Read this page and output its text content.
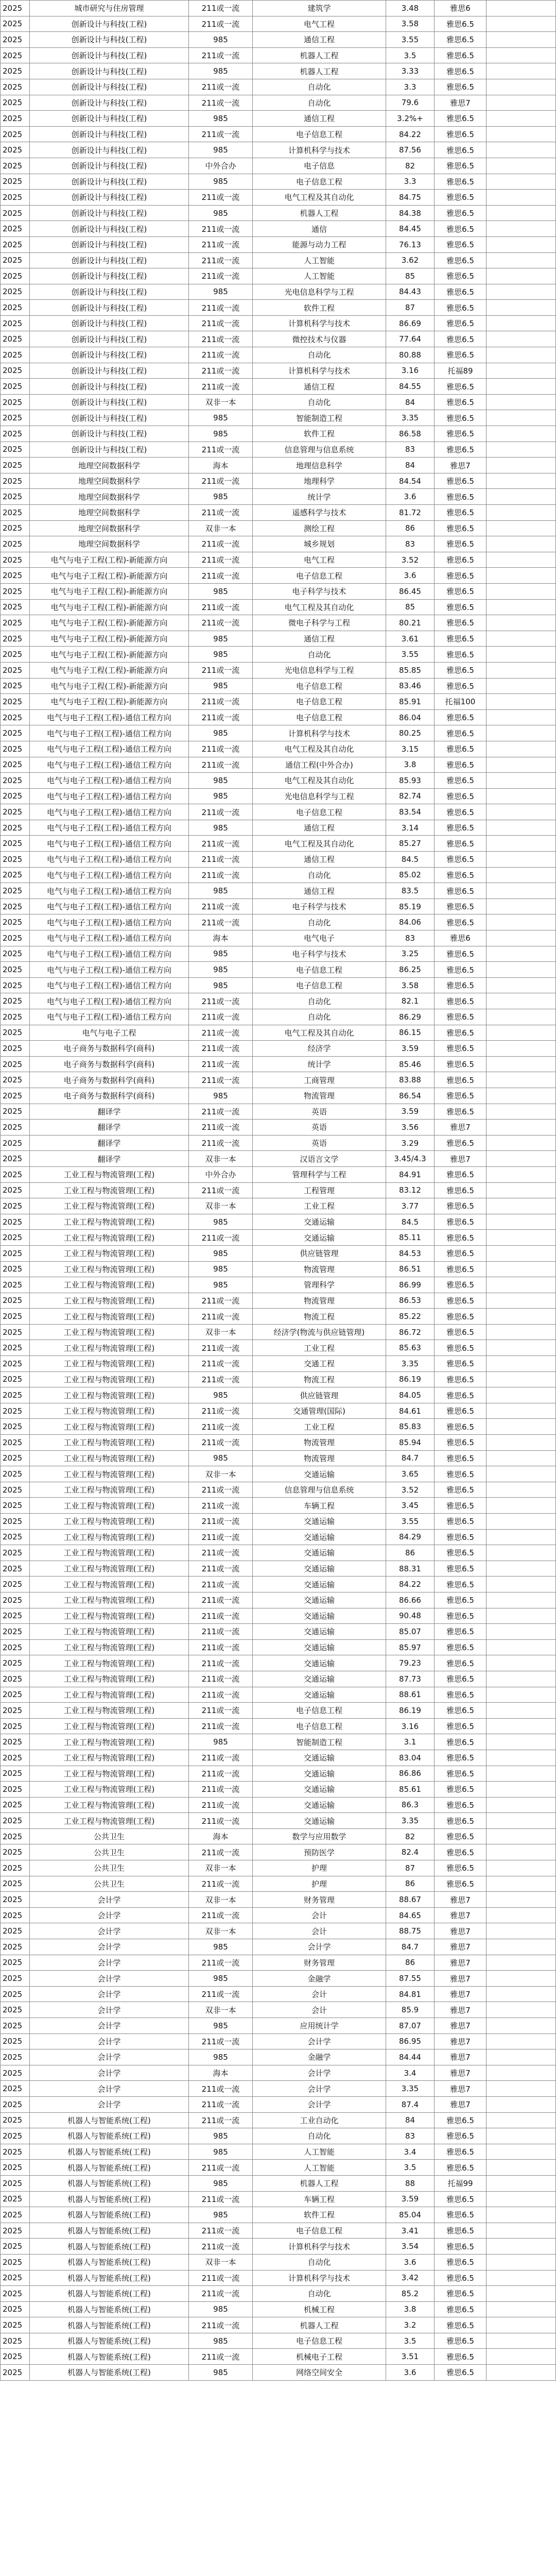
2025	城市研究与住房管理	211或一流	建筑学	3.48	雅思6	
2025	创新设计与科技(工程)	211或一流	电气工程	3.58	雅思6.5	
2025	创新设计与科技(工程)	985	通信工程	3.55	雅思6.5	
2025	创新设计与科技(工程)	211或一流	机器人工程	3.5	雅思6.5	
2025	创新设计与科技(工程)	985	机器人工程	3.33	雅思6.5	
2025	创新设计与科技(工程)	211或一流	自动化	3.3	雅思6.5	
2025	创新设计与科技(工程)	211或一流	自动化	79.6	雅思7	
2025	创新设计与科技(工程)	985	通信工程	3.2%+	雅思6.5	
2025	创新设计与科技(工程)	211或一流	电子信息工程	84.22	雅思6.5	
2025	创新设计与科技(工程)	985	计算机科学与技术	87.56	雅思6.5	
2025	创新设计与科技(工程)	中外合办	电子信息	82	雅思6.5	
2025	创新设计与科技(工程)	985	电子信息工程	3.3	雅思6.5	
2025	创新设计与科技(工程)	211或一流	电气工程及其自动化	84.75	雅思6.5	
2025	创新设计与科技(工程)	985	机器人工程	84.38	雅思6.5	
2025	创新设计与科技(工程)	211或一流	通信	84.45	雅思6.5	
2025	创新设计与科技(工程)	211或一流	能源与动力工程	76.13	雅思6.5	
2025	创新设计与科技(工程)	211或一流	人工智能	3.62	雅思6.5	
2025	创新设计与科技(工程)	211或一流	人工智能	85	雅思6.5	
2025	创新设计与科技(工程)	985	光电信息科学与工程	84.43	雅思6.5	
2025	创新设计与科技(工程)	211或一流	软件工程	87	雅思6.5	
2025	创新设计与科技(工程)	211或一流	计算机科学与技术	86.69	雅思6.5	
2025	创新设计与科技(工程)	211或一流	微控技术与仪器	77.64	雅思6.5	
2025	创新设计与科技(工程)	211或一流	自动化	80.88	雅思6.5	
2025	创新设计与科技(工程)	211或一流	计算机科学与技术	3.16	托福89	
2025	创新设计与科技(工程)	211或一流	通信工程	84.55	雅思6.5	
2025	创新设计与科技(工程)	双非一本	自动化	84	雅思6.5	
2025	创新设计与科技(工程)	985	智能制造工程	3.35	雅思6.5	
2025	创新设计与科技(工程)	985	软件工程	86.58	雅思6.5	
2025	创新设计与科技(工程)	211或一流	信息管理与信息系统	83	雅思6.5	
2025	地理空间数据科学	海本	地理信息科学	84	雅思7	
2025	地理空间数据科学	211或一流	地理科学	84.54	雅思6.5	
2025	地理空间数据科学	985	统计学	3.6	雅思6.5	
2025	地理空间数据科学	211或一流	遥感科学与技术	81.72	雅思6.5	
2025	地理空间数据科学	双非一本	测绘工程	86	雅思6.5	
2025	地理空间数据科学	211或一流	城乡规划	83	雅思6.5	
2025	电气与电子工程(工程)-新能源方向	211或一流	电气工程	3.52	雅思6.5	
2025	电气与电子工程(工程)-新能源方向	211或一流	电子信息工程	3.6	雅思6.5	
2025	电气与电子工程(工程)-新能源方向	985	电子科学与技术	86.45	雅思6.5	
2025	电气与电子工程(工程)-新能源方向	211或一流	电气工程及其自动化	85	雅思6.5	
2025	电气与电子工程(工程)-新能源方向	211或一流	微电子科学与工程	80.21	雅思6.5	
2025	电气与电子工程(工程)-新能源方向	985	通信工程	3.61	雅思6.5	
2025	电气与电子工程(工程)-新能源方向	985	自动化	3.55	雅思6.5	
2025	电气与电子工程(工程)-新能源方向	211或一流	光电信息科学与工程	85.85	雅思6.5	
2025	电气与电子工程(工程)-新能源方向	985	电子信息工程	83.46	雅思6.5	
2025	电气与电子工程(工程)-新能源方向	211或一流	电子信息工程	85.91	托福100	
2025	电气与电子工程(工程)-通信工程方向	211或一流	电子信息工程	86.04	雅思6.5	
2025	电气与电子工程(工程)-通信工程方向	985	计算机科学与技术	80.25	雅思6.5	
2025	电气与电子工程(工程)-通信工程方向	211或一流	电气工程及其自动化	3.15	雅思6.5	
2025	电气与电子工程(工程)-通信工程方向	211或一流	通信工程(中外合办)	3.8	雅思6.5	
2025	电气与电子工程(工程)-通信工程方向	985	电气工程及其自动化	85.93	雅思6.5	
2025	电气与电子工程(工程)-通信工程方向	985	光电信息科学与工程	82.74	雅思6.5	
2025	电气与电子工程(工程)-通信工程方向	211或一流	电子信息工程	83.54	雅思6.5	
2025	电气与电子工程(工程)-通信工程方向	985	通信工程	3.14	雅思6.5	
2025	电气与电子工程(工程)-通信工程方向	211或一流	电气工程及其自动化	85.27	雅思6.5	
2025	电气与电子工程(工程)-通信工程方向	211或一流	通信工程	84.5	雅思6.5	
2025	电气与电子工程(工程)-通信工程方向	211或一流	自动化	85.02	雅思6.5	
2025	电气与电子工程(工程)-通信工程方向	985	通信工程	83.5	雅思6.5	
2025	电气与电子工程(工程)-通信工程方向	211或一流	电子科学与技术	85.19	雅思6.5	
2025	电气与电子工程(工程)-通信工程方向	211或一流	自动化	84.06	雅思6.5	
2025	电气与电子工程(工程)-通信工程方向	海本	电气电子	83	雅思6	
2025	电气与电子工程(工程)-通信工程方向	985	电子科学与技术	3.25	雅思6.5	
2025	电气与电子工程(工程)-通信工程方向	985	电子信息工程	86.25	雅思6.5	
2025	电气与电子工程(工程)-通信工程方向	985	电子信息工程	3.58	雅思6.5	
2025	电气与电子工程(工程)-通信工程方向	211或一流	自动化	82.1	雅思6.5	
2025	电气与电子工程(工程)-通信工程方向	211或一流	自动化	86.29	雅思6.5	
2025	电气与电子工程	211或一流	电气工程及其自动化	86.15	雅思6.5	
2025	电子商务与数据科学(商科)	211或一流	经济学	3.59	雅思6.5	
2025	电子商务与数据科学(商科)	211或一流	统计学	85.46	雅思6.5	
2025	电子商务与数据科学(商科)	211或一流	工商管理	83.88	雅思6.5	
2025	电子商务与数据科学(商科)	985	物流管理	86.54	雅思6.5	
2025	翻译学	211或一流	英语	3.59	雅思6.5	
2025	翻译学	211或一流	英语	3.56	雅思7	
2025	翻译学	211或一流	英语	3.29	雅思6.5	
2025	翻译学	双非一本	汉语言文学	3.45/4.3	雅思7	
2025	工业工程与物流管理(工程)	中外合办	管理科学与工程	84.91	雅思6.5	
2025	工业工程与物流管理(工程)	211或一流	工程管理	83.12	雅思6.5	
2025	工业工程与物流管理(工程)	双非一本	工业工程	3.77	雅思6.5	
2025	工业工程与物流管理(工程)	985	交通运输	84.5	雅思6.5	
2025	工业工程与物流管理(工程)	211或一流	交通运输	85.11	雅思6.5	
2025	工业工程与物流管理(工程)	985	供应链管理	84.53	雅思6.5	
2025	工业工程与物流管理(工程)	985	物流管理	86.51	雅思6.5	
2025	工业工程与物流管理(工程)	985	管理科学	86.99	雅思6.5	
2025	工业工程与物流管理(工程)	211或一流	物流管理	86.53	雅思6.5	
2025	工业工程与物流管理(工程)	211或一流	物流工程	85.22	雅思6.5	
2025	工业工程与物流管理(工程)	双非一本	经济学(物流与供应链管理)	86.72	雅思6.5	
2025	工业工程与物流管理(工程)	211或一流	工业工程	85.63	雅思6.5	
2025	工业工程与物流管理(工程)	211或一流	交通工程	3.35	雅思6.5	
2025	工业工程与物流管理(工程)	211或一流	物流工程	86.19	雅思6.5	
2025	工业工程与物流管理(工程)	985	供应链管理	84.05	雅思6.5	
2025	工业工程与物流管理(工程)	211或一流	交通管理(国际)	84.61	雅思6.5	
2025	工业工程与物流管理(工程)	211或一流	工业工程	85.83	雅思6.5	
2025	工业工程与物流管理(工程)	211或一流	物流管理	85.94	雅思6.5	
2025	工业工程与物流管理(工程)	985	物流管理	84.7	雅思6.5	
2025	工业工程与物流管理(工程)	双非一本	交通运输	3.65	雅思6.5	
2025	工业工程与物流管理(工程)	211或一流	信息管理与信息系统	3.52	雅思6.5	
2025	工业工程与物流管理(工程)	211或一流	车辆工程	3.45	雅思6.5	
2025	工业工程与物流管理(工程)	211或一流	交通运输	3.55	雅思6.5	
2025	工业工程与物流管理(工程)	211或一流	交通运输	84.29	雅思6.5	
2025	工业工程与物流管理(工程)	211或一流	交通运输	86	雅思6.5	
2025	工业工程与物流管理(工程)	211或一流	交通运输	88.31	雅思6.5	
2025	工业工程与物流管理(工程)	211或一流	交通运输	84.22	雅思6.5	
2025	工业工程与物流管理(工程)	211或一流	交通运输	86.66	雅思6.5	
2025	工业工程与物流管理(工程)	211或一流	交通运输	90.48	雅思6.5	
2025	工业工程与物流管理(工程)	211或一流	交通运输	85.07	雅思6.5	
2025	工业工程与物流管理(工程)	211或一流	交通运输	85.97	雅思6.5	
2025	工业工程与物流管理(工程)	211或一流	交通运输	79.23	雅思6.5	
2025	工业工程与物流管理(工程)	211或一流	交通运输	87.73	雅思6.5	
2025	工业工程与物流管理(工程)	211或一流	交通运输	88.61	雅思6.5	
2025	工业工程与物流管理(工程)	211或一流	电子信息工程	86.19	雅思6.5	
2025	工业工程与物流管理(工程)	211或一流	电子信息工程	3.16	雅思6.5	
2025	工业工程与物流管理(工程)	985	智能制造工程	3.1	雅思6.5	
2025	工业工程与物流管理(工程)	211或一流	交通运输	83.04	雅思6.5	
2025	工业工程与物流管理(工程)	211或一流	交通运输	86.86	雅思6.5	
2025	工业工程与物流管理(工程)	211或一流	交通运输	85.61	雅思6.5	
2025	工业工程与物流管理(工程)	211或一流	交通运输	86.3	雅思6.5	
2025	工业工程与物流管理(工程)	211或一流	交通运输	3.35	雅思6.5	
2025	公共卫生	海本	数学与应用数学	82	雅思6.5	
2025	公共卫生	211或一流	预防医学	82.4	雅思6.5	
2025	公共卫生	双非一本	护理	87	雅思6.5	
2025	公共卫生	211或一流	护理	86	雅思6.5	
2025	会计学	双非一本	财务管理	88.67	雅思7	
2025	会计学	211或一流	会计	84.65	雅思7	
2025	会计学	双非一本	会计	88.75	雅思7	
2025	会计学	985	会计学	84.7	雅思7	
2025	会计学	211或一流	财务管理	86	雅思7	
2025	会计学	985	金融学	87.55	雅思7	
2025	会计学	211或一流	会计	84.81	雅思7	
2025	会计学	双非一本	会计	85.9	雅思7	
2025	会计学	985	应用统计学	87.07	雅思7	
2025	会计学	211或一流	会计学	86.95	雅思7	
2025	会计学	985	金融学	84.44	雅思7	
2025	会计学	海本	会计学	3.4	雅思7	
2025	会计学	211或一流	会计学	3.35	雅思7	
2025	会计学	211或一流	会计学	87.4	雅思7	
2025	机器人与智能系统(工程)	211或一流	工业自动化	84	雅思6.5	
2025	机器人与智能系统(工程)	985	自动化	83	雅思6.5	
2025	机器人与智能系统(工程)	985	人工智能	3.4	雅思6.5	
2025	机器人与智能系统(工程)	211或一流	人工智能	3.5	雅思6.5	
2025	机器人与智能系统(工程)	985	机器人工程	88	托福99	
2025	机器人与智能系统(工程)	211或一流	车辆工程	3.59	雅思6.5	
2025	机器人与智能系统(工程)	985	软件工程	85.04	雅思6.5	
2025	机器人与智能系统(工程)	211或一流	电子信息工程	3.41	雅思6.5	
2025	机器人与智能系统(工程)	211或一流	计算机科学与技术	3.54	雅思6.5	
2025	机器人与智能系统(工程)	双非一本	自动化	3.6	雅思6.5	
2025	机器人与智能系统(工程)	211或一流	计算机科学与技术	3.42	雅思6.5	
2025	机器人与智能系统(工程)	211或一流	自动化	85.2	雅思6.5	
2025	机器人与智能系统(工程)	985	机械工程	3.8	雅思6.5	
2025	机器人与智能系统(工程)	211或一流	机器人工程	3.2	雅思6.5	
2025	机器人与智能系统(工程)	985	电子信息工程	3.5	雅思6.5	
2025	机器人与智能系统(工程)	211或一流	机械电子工程	3.51	雅思6.5	
2025	机器人与智能系统(工程)	985	网络空间安全	3.6	雅思6.5	
